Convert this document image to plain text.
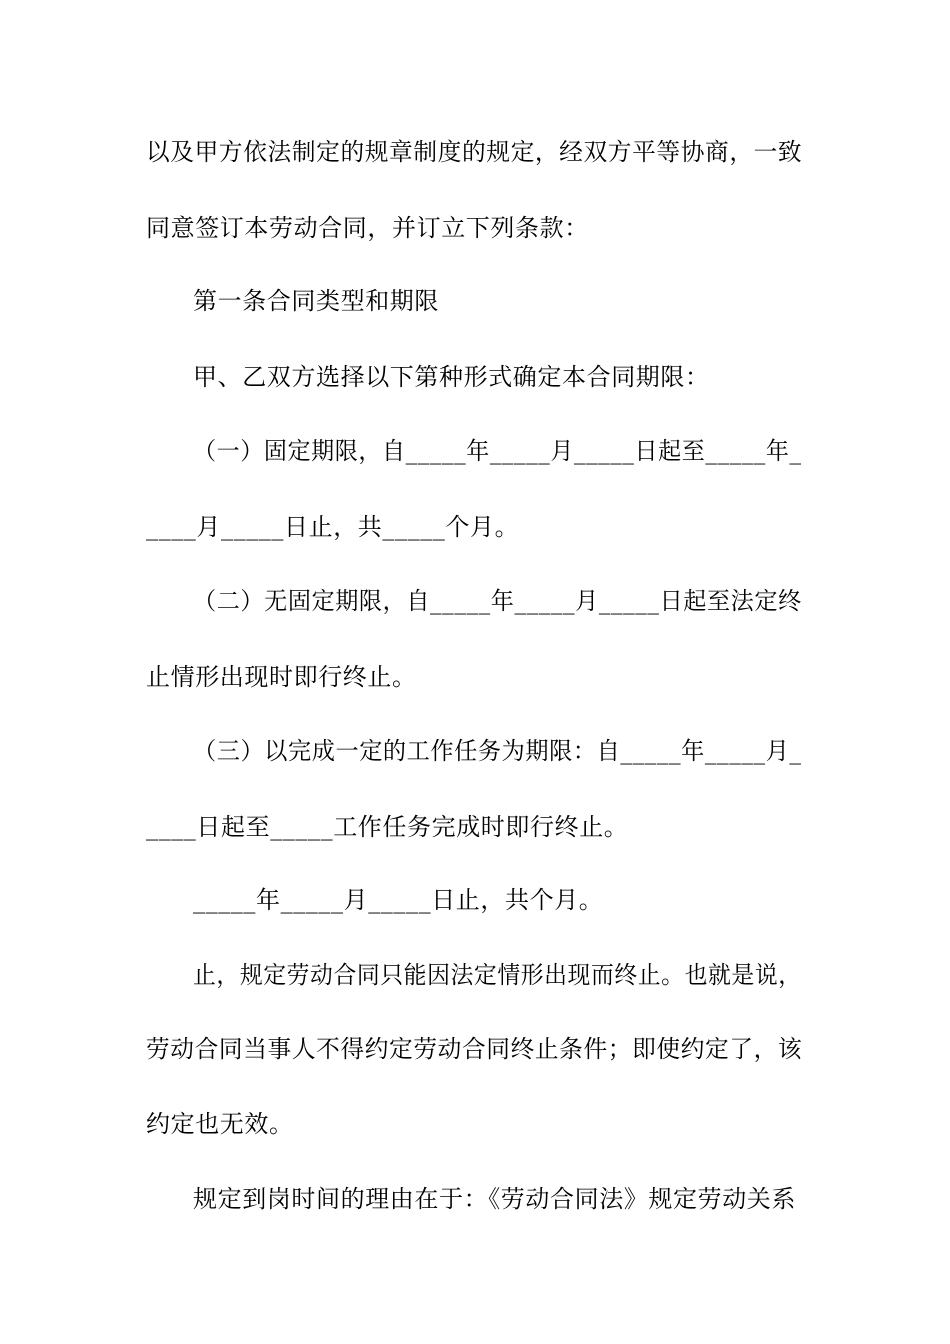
以及甲方依法制定的规章制度的规定，经双方平等协商，一致

同意签订本劳动合同，并订立下列条款：

第一条合同类型和期限

甲、乙双方选择以下第种形式确定本合同期限：

（一）固定期限，自_____年_____月_____日起至_____年_

____月_____日止，共_____个月。

（二）无固定期限，自_____年_____月_____日起至法定终

止情形出现时即行终止。

（三）以完成一定的工作任务为期限：自_____年_____月_

____日起至_____工作任务完成时即行终止。

_____年_____月_____日止，共个月。

止，规定劳动合同只能因法定情形出现而终止。也就是说，

劳动合同当事人不得约定劳动合同终止条件；即使约定了，该

约定也无效。

规定到岗时间的理由在于：《劳动合同法》规定劳动关系
